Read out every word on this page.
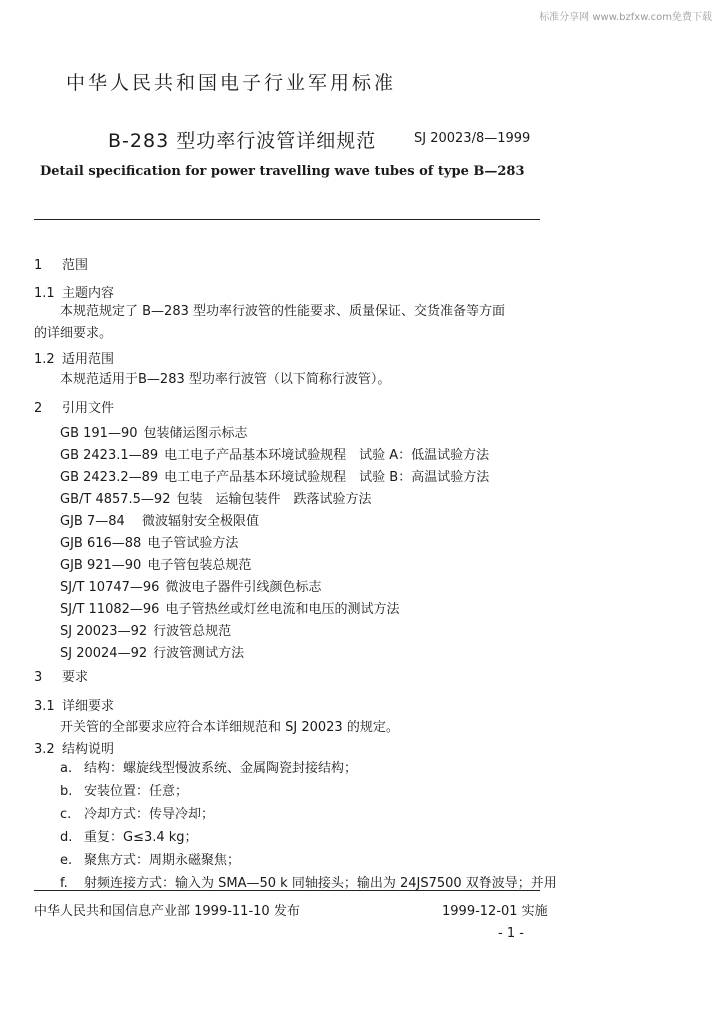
标准分享网 www.bzfxw.com免费下载
中华人民共和国电子行业军用标准
B-283 型功率行波管详细规范	SJ 20023/8—1999
Detail specification for power travelling wave tubes of type B—283
1 范围
1.1 主题内容
本规范规定了 B—283 型功率行波管的性能要求、质量保证、交货准备等方面的详细要求。
1.2 适用范围
本规范适用于B—283 型功率行波管（以下简称行波管）。
2 引用文件
GB 191—90 包装储运图示标志
GB 2423.1—89 电工电子产品基本环境试验规程　试验 A：低温试验方法
GB 2423.2—89 电工电子产品基本环境试验规程　试验 B：高温试验方法
GB/T 4857.5—92 包装　运输包装件　跌落试验方法
GJB 7—84 微波辐射安全极限值
GJB 616—88 电子管试验方法
GJB 921—90 电子管包装总规范
SJ/T 10747—96 微波电子器件引线颜色标志
SJ/T 11082—96 电子管热丝或灯丝电流和电压的测试方法
SJ 20023—92 行波管总规范
SJ 20024—92 行波管测试方法
3 要求
3.1 详细要求
开关管的全部要求应符合本详细规范和 SJ 20023 的规定。
3.2 结构说明
a. 结构：螺旋线型慢波系统、金属陶瓷封接结构；
b. 安装位置：任意；
c. 冷却方式：传导冷却；
d. 重复：G≤3.4 kg；
e. 聚焦方式：周期永磁聚焦；
f. 射频连接方式：输入为 SMA—50 k 同轴接头；输出为 24JS7500 双脊波导；并用
中华人民共和国信息产业部 1999-11-10 发布	1999-12-01 实施
- 1 -
